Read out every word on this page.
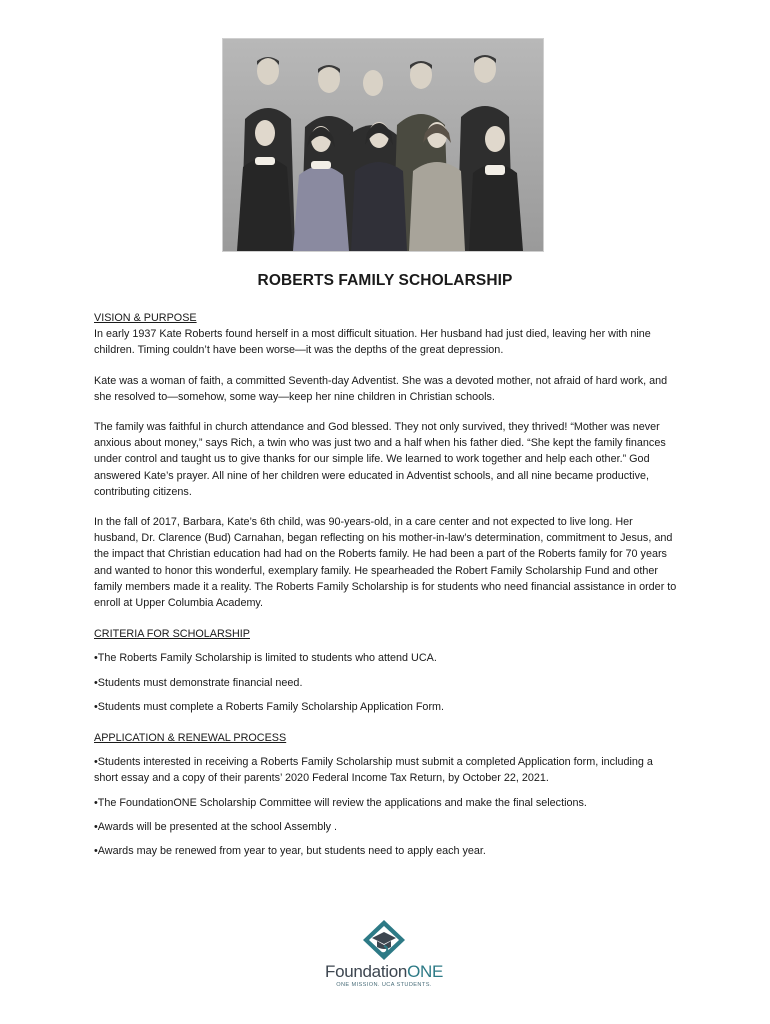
ROBERTS FAMILY SCHOLARSHIP

VISION & PURPOSE

In early 1937 Kate Roberts found herself in a most difficult situation. Her husband had just died, leaving her with nine children. Timing couldn’t have been worse—it was the depths of the great depression.

Kate was a woman of faith, a committed Seventh-day Adventist. She was a devoted mother, not afraid of hard work, and she resolved to—somehow, some way—keep her nine children in Christian schools.

The family was faithful in church attendance and God blessed. They not only survived, they thrived! “Mother was never anxious about money,” says Rich, a twin who was just two and a half when his father died. “She kept the family finances under control and taught us to give thanks for our simple life. We learned to work together and help each other.” God answered Kate’s prayer. All nine of her children were educated in Adventist schools, and all nine became productive, contributing citizens.

In the fall of 2017, Barbara, Kate’s 6th child, was 90-years-old, in a care center and not expected to live long. Her husband, Dr. Clarence (Bud) Carnahan, began reflecting on his mother-in-law’s determination, commitment to Jesus, and the impact that Christian education had had on the Roberts family. He had been a part of the Roberts family for 70 years and wanted to honor this wonderful, exemplary family. He spearheaded the Robert Family Scholarship Fund and other family members made it a reality. The Roberts Family Scholarship is for students who need financial assistance in order to enroll at Upper Columbia Academy.

CRITERIA FOR SCHOLARSHIP

•The Roberts Family Scholarship is limited to students who attend UCA.

•Students must demonstrate financial need.

•Students must complete a Roberts Family Scholarship Application Form.

APPLICATION & RENEWAL PROCESS

•Students interested in receiving a Roberts Family Scholarship must submit a completed Application form, including a short essay and a copy of their parents’ 2020 Federal Income Tax Return, by October 22, 2021.

•The FoundationONE Scholarship Committee will review the applications and make the final selections.

•Awards will be presented at the school Assembly .

•Awards may be renewed from year to year, but students need to apply each year.

FoundationONE
ONE MISSION. UCA STUDENTS.
